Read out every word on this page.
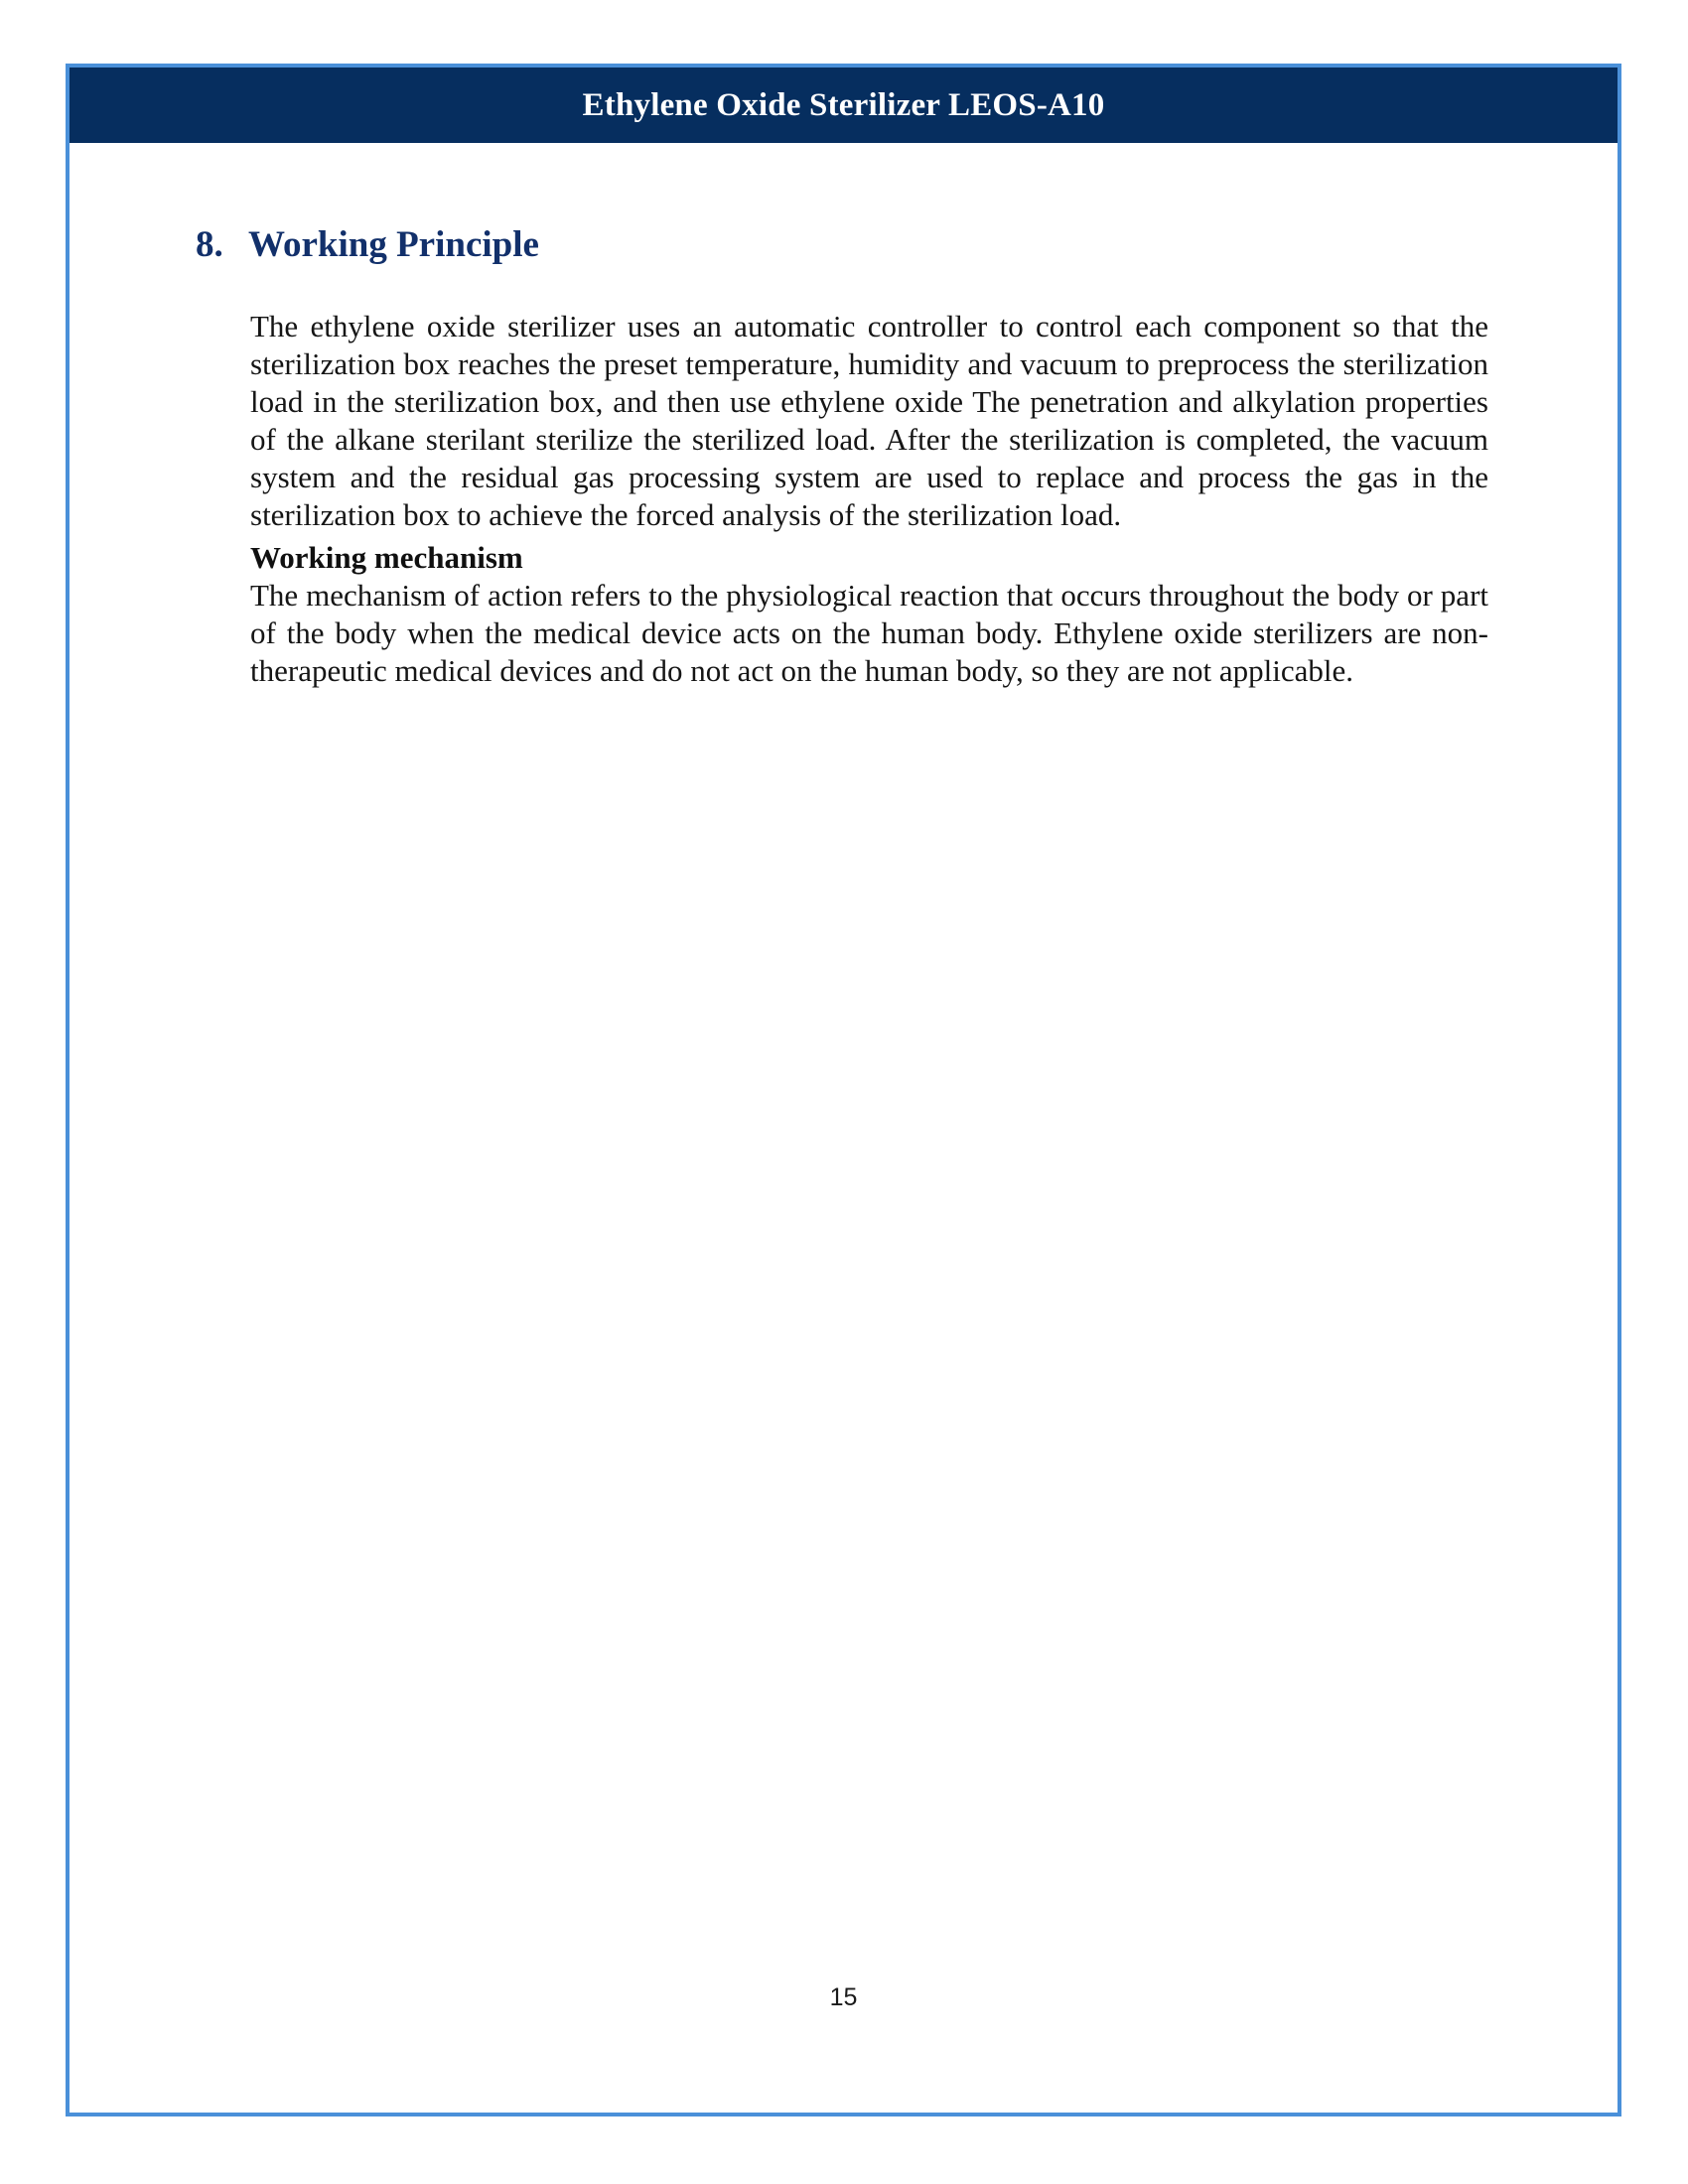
Ethylene Oxide Sterilizer LEOS-A10
8. Working Principle

The ethylene oxide sterilizer uses an automatic controller to control each component so that the sterilization box reaches the preset temperature, humidity and vacuum to preprocess the sterilization load in the sterilization box, and then use ethylene oxide The penetration and alkylation properties of the alkane sterilant sterilize the sterilized load. After the sterilization is completed, the vacuum system and the residual gas processing system are used to replace and process the gas in the sterilization box to achieve the forced analysis of the sterilization load.

Working mechanism

The mechanism of action refers to the physiological reaction that occurs throughout the body or part of the body when the medical device acts on the human body. Ethylene oxide sterilizers are non-therapeutic medical devices and do not act on the human body, so they are not applicable.

15
